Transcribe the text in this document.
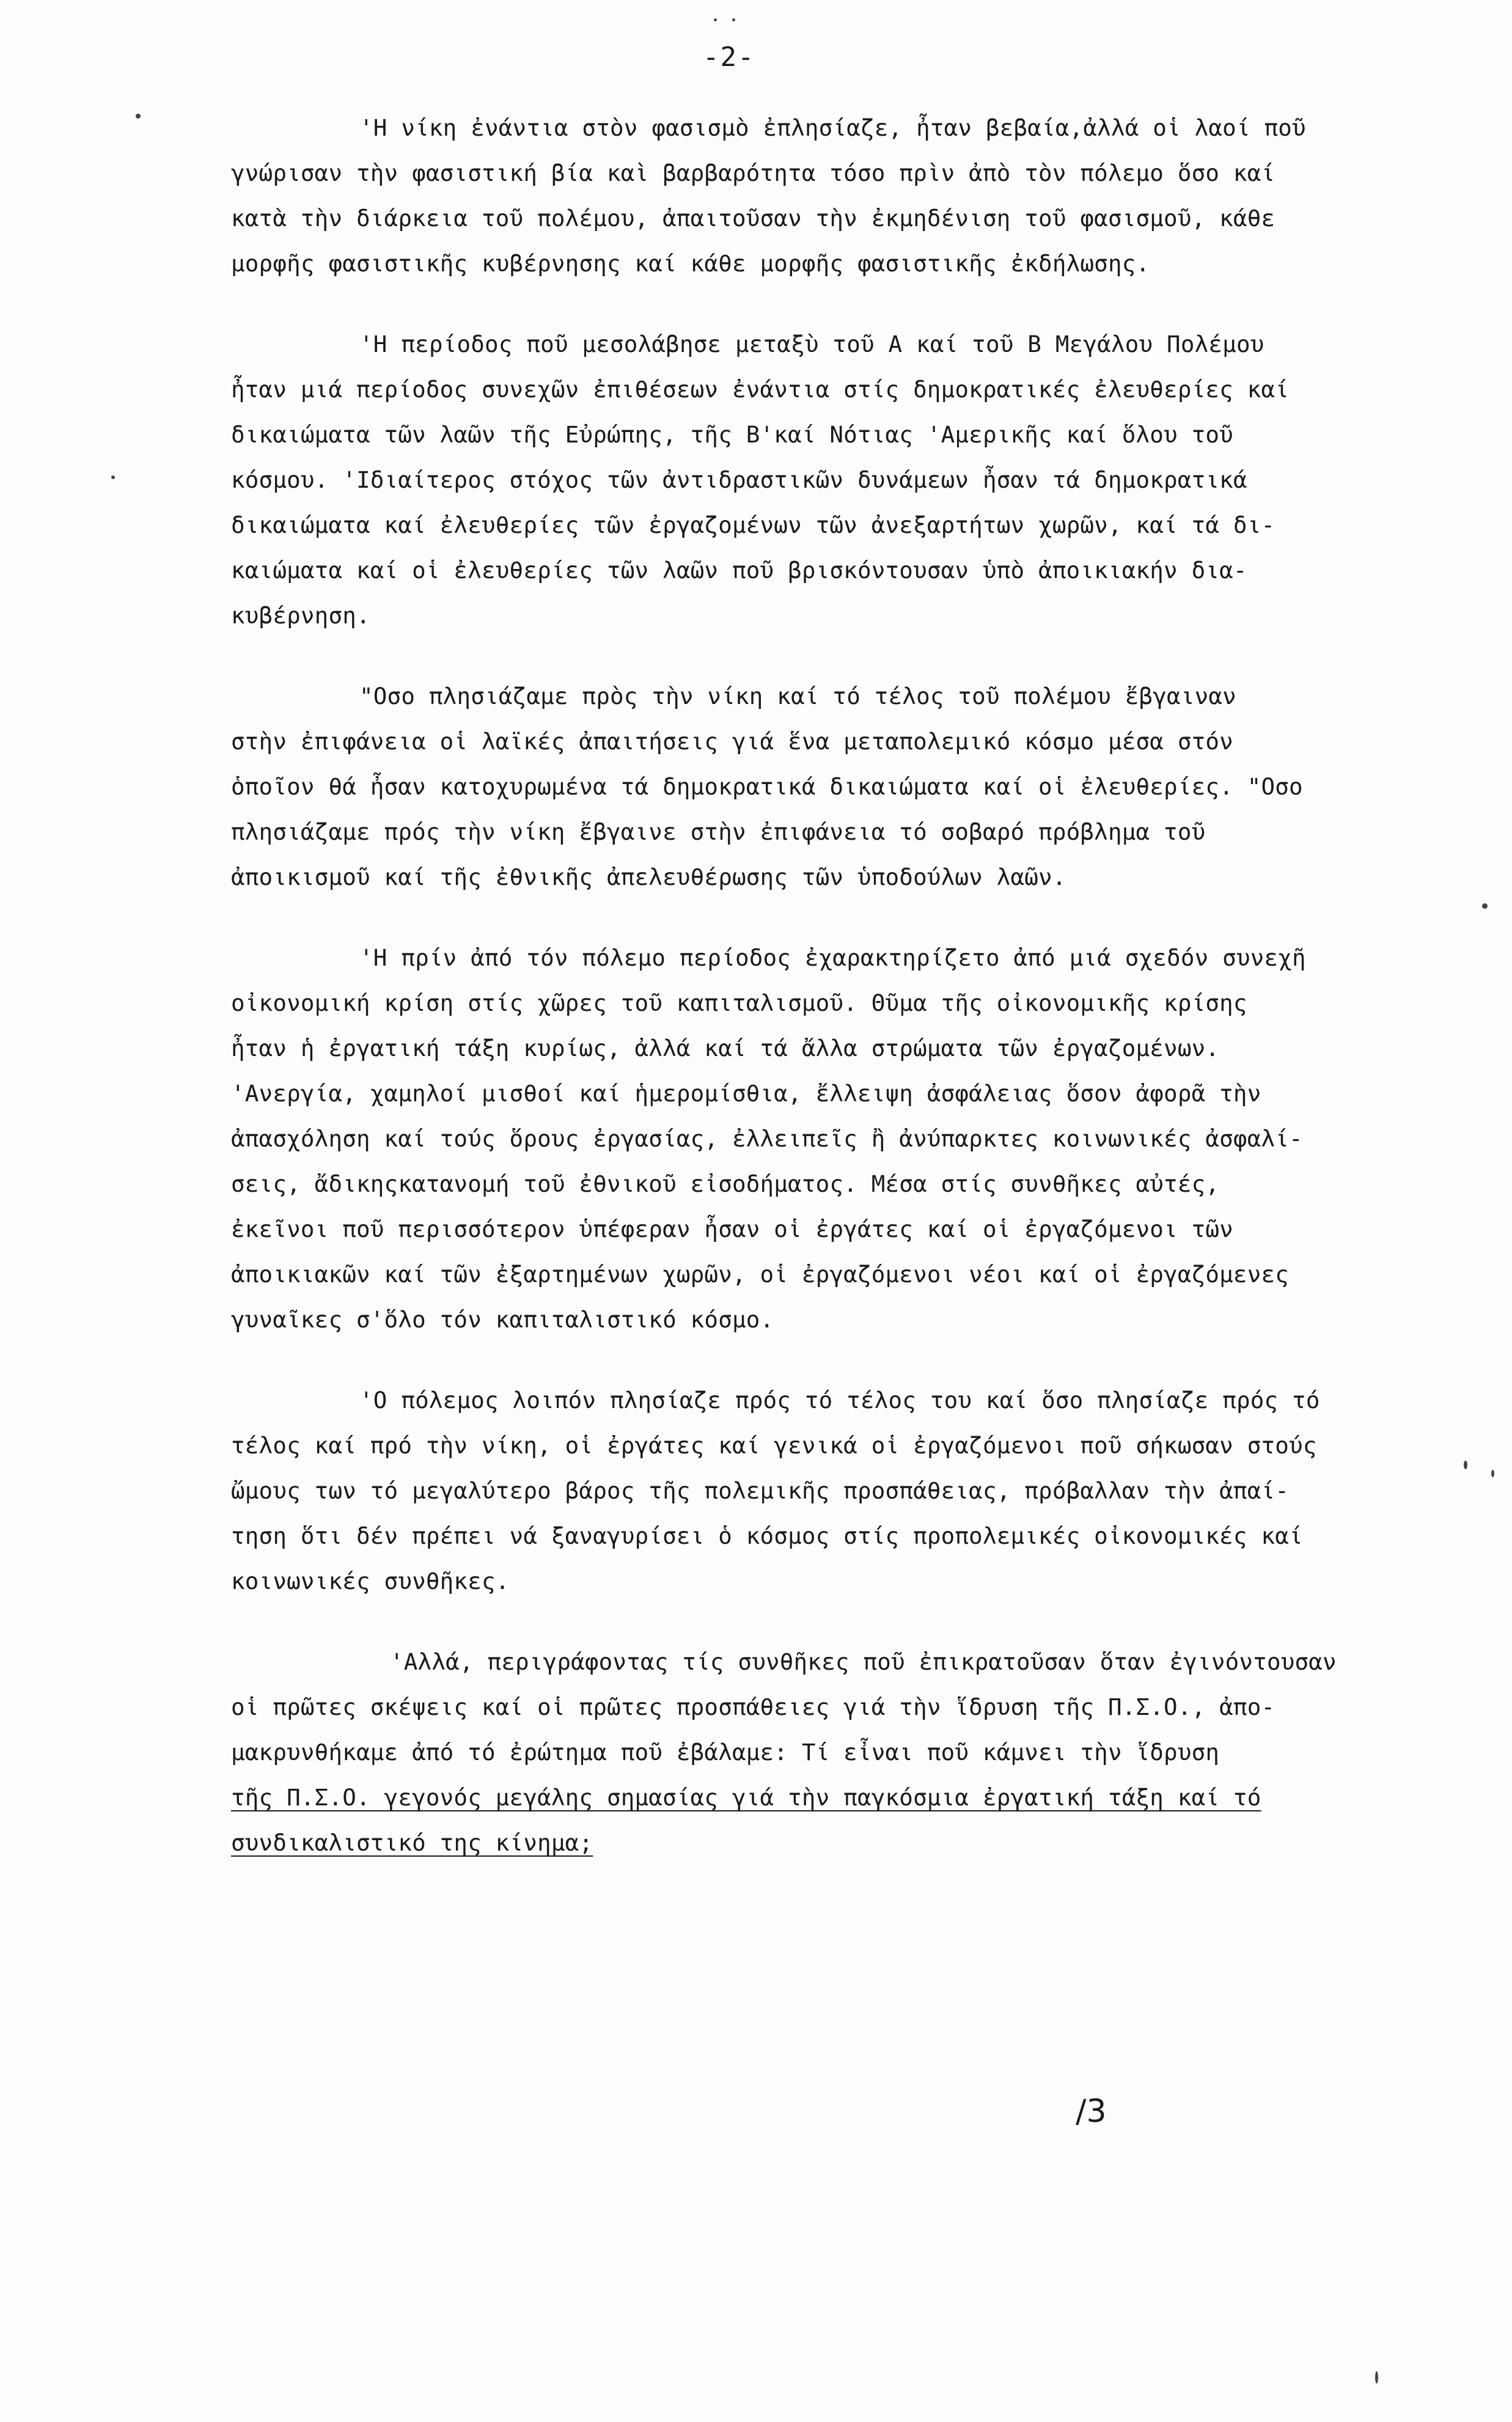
-2-
'Η νίκη ἐνάντια στὸν φασισμὸ ἐπλησίαζε, ἦταν βεβαία,ἀλλά οἱ λαοί ποῦ
γνώρισαν τὴν φασιστική βία καὶ βαρβαρότητα τόσο πρὶν ἀπὸ τὸν πόλεμο ὅσο καί
κατὰ τὴν διάρκεια τοῦ πολέμου, ἀπαιτοῦσαν τὴν ἐκμηδένιση τοῦ φασισμοῦ, κάθε
μορφῆς φασιστικῆς κυβέρνησης καί κάθε μορφῆς φασιστικῆς ἐκδήλωσης.
'Η περίοδος ποῦ μεσολάβησε μεταξὺ τοῦ Α καί τοῦ Β Μεγάλου Πολέμου
ἦταν μιά περίοδος συνεχῶν ἐπιθέσεων ἐνάντια στίς δημοκρατικές ἐλευθερίες καί
δικαιώματα τῶν λαῶν τῆς Εὐρώπης, τῆς Β'καί Νότιας 'Αμερικῆς καί ὅλου τοῦ
κόσμου. 'Ιδιαίτερος στόχος τῶν ἀντιδραστικῶν δυνάμεων ἦσαν τά δημοκρατικά
δικαιώματα καί ἐλευθερίες τῶν ἐργαζομένων τῶν ἀνεξαρτήτων χωρῶν, καί τά δι-
καιώματα καί οἱ ἐλευθερίες τῶν λαῶν ποῦ βρισκόντουσαν ὑπὸ ἀποικιακήν δια-
κυβέρνηση.
"Οσο πλησιάζαμε πρὸς τὴν νίκη καί τό τέλος τοῦ πολέμου ἔβγαιναν
στὴν ἐπιφάνεια οἱ λαϊκές ἀπαιτήσεις γιά ἕνα μεταπολεμικό κόσμο μέσα στόν
ὁποῖον θά ἦσαν κατοχυρωμένα τά δημοκρατικά δικαιώματα καί οἱ ἐλευθερίες. "Οσο
πλησιάζαμε πρός τὴν νίκη ἔβγαινε στὴν ἐπιφάνεια τό σοβαρό πρόβλημα τοῦ
ἀποικισμοῦ καί τῆς ἐθνικῆς ἀπελευθέρωσης τῶν ὑποδούλων λαῶν.
'Η πρίν ἀπό τόν πόλεμο περίοδος ἐχαρακτηρίζετο ἀπό μιά σχεδόν συνεχῆ
οἰκονομική κρίση στίς χῶρες τοῦ καπιταλισμοῦ. Θῦμα τῆς οἰκονομικῆς κρίσης
ἦταν ἡ ἐργατική τάξη κυρίως, ἀλλά καί τά ἄλλα στρώματα τῶν ἐργαζομένων.
'Ανεργία, χαμηλοί μισθοί καί ἡμερομίσθια, ἔλλειψη ἀσφάλειας ὅσον ἀφορᾶ τὴν
ἀπασχόληση καί τούς ὅρους ἐργασίας, ἐλλειπεῖς ἢ ἀνύπαρκτες κοινωνικές ἀσφαλί-
σεις, ἄδικηςκατανομή τοῦ ἐθνικοῦ εἰσοδήματος. Μέσα στίς συνθῆκες αὐτές,
ἐκεῖνοι ποῦ περισσότερον ὑπέφεραν ἦσαν οἱ ἐργάτες καί οἱ ἐργαζόμενοι τῶν
ἀποικιακῶν καί τῶν ἐξαρτημένων χωρῶν, οἱ ἐργαζόμενοι νέοι καί οἱ ἐργαζόμενες
γυναῖκες σ'ὅλο τόν καπιταλιστικό κόσμο.
'Ο πόλεμος λοιπόν πλησίαζε πρός τό τέλος του καί ὅσο πλησίαζε πρός τό
τέλος καί πρό τὴν νίκη, οἱ ἐργάτες καί γενικά οἱ ἐργαζόμενοι ποῦ σήκωσαν στούς
ὤμους των τό μεγαλύτερο βάρος τῆς πολεμικῆς προσπάθειας, πρόβαλλαν τὴν ἀπαί-
τηση ὅτι δέν πρέπει νά ξαναγυρίσει ὁ κόσμος στίς προπολεμικές οἰκονομικές καί
κοινωνικές συνθῆκες.
'Αλλά, περιγράφοντας τίς συνθῆκες ποῦ ἐπικρατοῦσαν ὅταν ἐγινόντουσαν
οἱ πρῶτες σκέψεις καί οἱ πρῶτες προσπάθειες γιά τὴν ἵδρυση τῆς Π.Σ.Ο., ἀπο-
μακρυνθήκαμε ἀπό τό ἐρώτημα ποῦ ἐβάλαμε: Τί εἶναι ποῦ κάμνει τὴν ἵδρυση
τῆς Π.Σ.Ο. γεγονός μεγάλης σημασίας γιά τὴν παγκόσμια ἐργατική τάξη καί τό
συνδικαλιστικό της κίνημα;
/3
